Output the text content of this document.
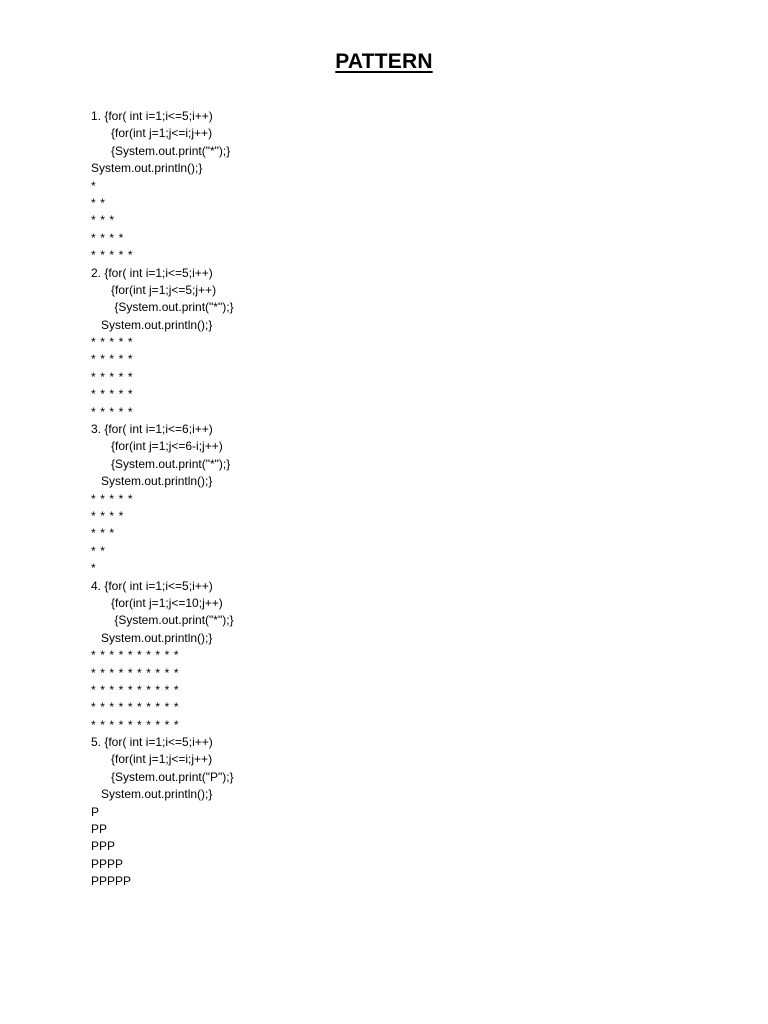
PATTERN
1. {for( int i=1;i<=5;i++)
{for(int j=1;j<=i;j++)
{System.out.print("*");}
System.out.println();}
*
* *
* * *
* * * *
* * * * *
2. {for( int i=1;i<=5;i++)
{for(int j=1;j<=5;j++)
{System.out.print("*");}
System.out.println();}
* * * * *
* * * * *
* * * * *
* * * * *
* * * * *
3. {for( int i=1;i<=6;i++)
{for(int j=1;j<=6-i;j++)
{System.out.print("*");}
System.out.println();}
* * * * *
* * * *
* * *
* *
*
4. {for( int i=1;i<=5;i++)
{for(int j=1;j<=10;j++)
{System.out.print("*");}
System.out.println();}
* * * * * * * * * *
* * * * * * * * * *
* * * * * * * * * *
* * * * * * * * * *
* * * * * * * * * *
5. {for( int i=1;i<=5;i++)
{for(int j=1;j<=i;j++)
{System.out.print("P");}
System.out.println();}
P
PP
PPP
PPPP
PPPPP
